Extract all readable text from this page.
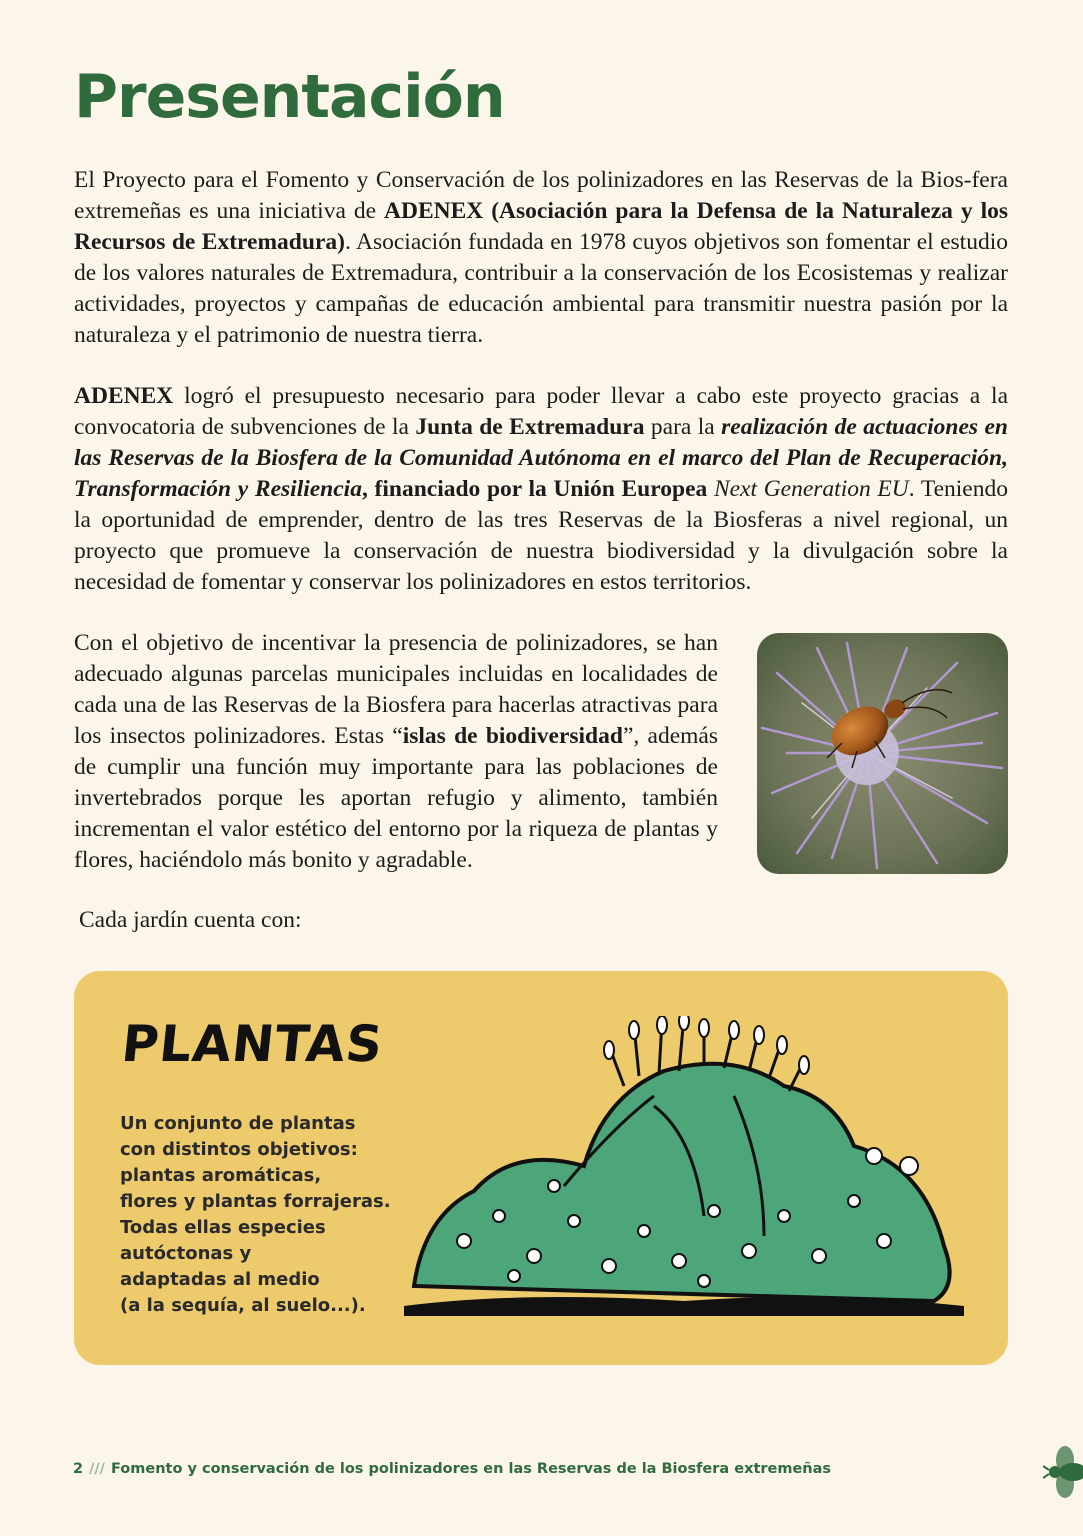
Presentación

El Proyecto para el Fomento y Conservación de los polinizadores en las Reservas de la Bios-fera extremeñas es una iniciativa de ADENEX (Asociación para la Defensa de la Naturaleza y los Recursos de Extremadura). Asociación fundada en 1978 cuyos objetivos son fomentar el estudio de los valores naturales de Extremadura, contribuir a la conservación de los Ecosistemas y realizar actividades, proyectos y campañas de educación ambiental para transmitir nuestra pasión por la naturaleza y el patrimonio de nuestra tierra.

ADENEX logró el presupuesto necesario para poder llevar a cabo este proyecto gracias a la convocatoria de subvenciones de la Junta de Extremadura para la realización de actuaciones en las Reservas de la Biosfera de la Comunidad Autónoma en el marco del Plan de Recuperación, Transformación y Resiliencia, financiado por la Unión Europea Next Generation EU. Teniendo la oportunidad de emprender, dentro de las tres Reservas de la Biosferas a nivel regional, un proyecto que promueve la conservación de nuestra biodiversidad y la divulgación sobre la necesidad de fomentar y conservar los polinizadores en estos territorios.

Con el objetivo de incentivar la presencia de polinizadores, se han adecuado algunas parcelas municipales incluidas en localidades de cada una de las Reservas de la Biosfera para hacerlas atractivas para los insectos polinizadores. Estas “islas de biodiversidad”, además de cumplir una función muy importante para las poblaciones de invertebrados porque les aportan refugio y alimento, también incrementan el valor estético del entorno por la riqueza de plantas y flores, haciéndolo más bonito y agradable.

Cada jardín cuenta con:

PLANTAS
Un conjunto de plantas
con distintos objetivos:
plantas aromáticas,
flores y plantas forrajeras.
Todas ellas especies
autóctonas y
adaptadas al medio
(a la sequía, al suelo...).
2 /// Fomento y conservación de los polinizadores en las Reservas de la Biosfera extremeñas
